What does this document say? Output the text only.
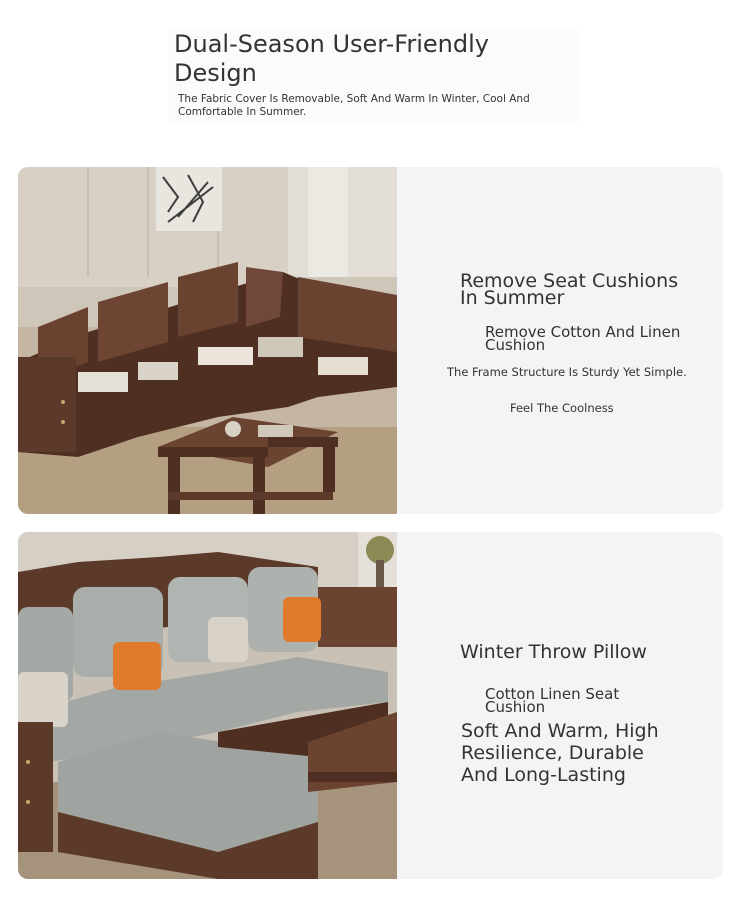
Dual-Season User-Friendly Design

The Fabric Cover Is Removable, Soft And Warm In Winter, Cool And Comfortable In Summer.

Remove Seat Cushions In Summer
Remove Cotton And Linen Cushion
The Frame Structure Is Sturdy Yet Simple.
Feel The Coolness
Winter Throw Pillow
Cotton Linen Seat Cushion
Soft And Warm, High Resilience, Durable And Long-Lasting
